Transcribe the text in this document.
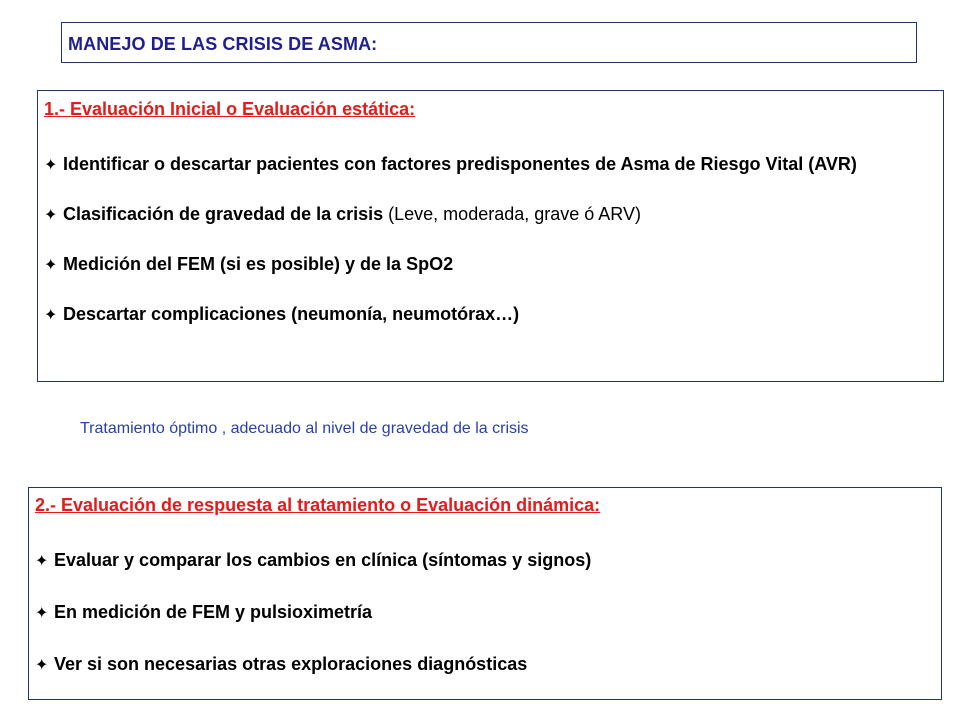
MANEJO DE LAS CRISIS DE ASMA:
1.- Evaluación Inicial o Evaluación estática:
✦ Identificar o descartar pacientes con factores predisponentes de Asma de Riesgo Vital (AVR)
✦ Clasificación de gravedad de la crisis (Leve, moderada, grave ó ARV)
✦ Medición del FEM (si es posible) y de la SpO2
✦ Descartar complicaciones (neumonía, neumotórax…)
Tratamiento óptimo , adecuado al nivel de gravedad de la crisis
2.- Evaluación de respuesta al tratamiento o Evaluación dinámica:
✦ Evaluar y comparar los cambios en clínica (síntomas y signos)
✦ En medición de FEM y pulsioximetría
✦ Ver si son necesarias otras exploraciones diagnósticas
